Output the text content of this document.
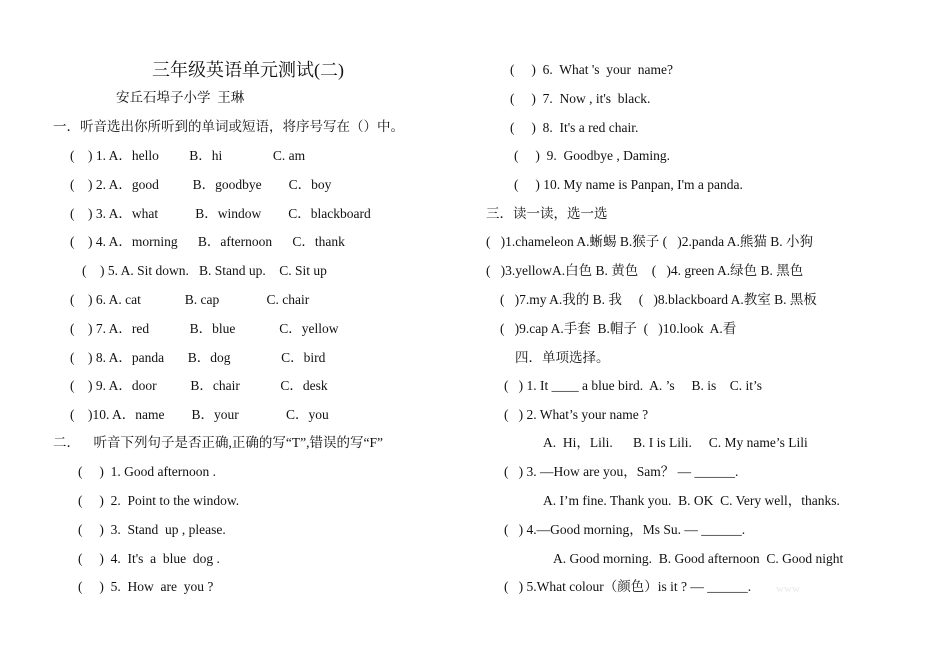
三年级英语单元测试(二)
安丘石埠子小学  王琳
一．听音选出你所听到的单词或短语，将序号写在（）中。
(    ) 1. A．hello         B．hi               C. am
(    ) 2. A．good          B．goodbye        C．boy
(    ) 3. A．what           B．window        C．blackboard
(    ) 4. A．morning      B．afternoon      C．thank
(    ) 5. A. Sit down.   B. Stand up.    C. Sit up
(    ) 6. A. cat             B. cap              C. chair
(    ) 7. A．red            B．blue             C．yellow
(    ) 8. A．panda       B．dog               C．bird
(    ) 9. A．door          B．chair            C．desk
(    )10. A．name        B．your              C．you
二．    听音下列句子是否正确,正确的写“T”,错误的写“F”
(     )  1. Good afternoon .
(     )  2.  Point to the window.
(     )  3.  Stand  up , please.
(     )  4.  It's  a  blue  dog .
(     )  5.  How  are  you ?
(     )  6.  What 's  your  name?
(     )  7.  Now , it's  black.
(     )  8.  It's a red chair.
(     )  9.  Goodbye , Daming.
(     ) 10. My name is Panpan, I'm a panda.
三．读一读，选一选
(   )1.chameleon A.蜥蜴 B.猴子 (   )2.panda A.熊猫 B. 小狗
(   )3.yellowA.白色 B. 黄色    (   )4. green A.绿色 B. 黑色
(   )7.my A.我的 B. 我     (   )8.blackboard A.教室 B. 黑板
(   )9.cap A.手套  B.帽子  (   )10.look  A.看
四．单项选择。
(   ) 1. It ____ a blue bird.  A. ’s     B. is    C. it’s
(   ) 2. What’s your name ?
A.  Hi，Lili.      B. I is Lili.     C. My name’s Lili
(   ) 3. —How are you，Sam？ — ______.
A. I’m fine. Thank you.  B. OK  C. Very well，thanks.
(   ) 4.—Good morning，Ms Su. — ______.
A. Good morning.  B. Good afternoon  C. Good night
(   ) 5.What colour（颜色）is it ? — ______. www
